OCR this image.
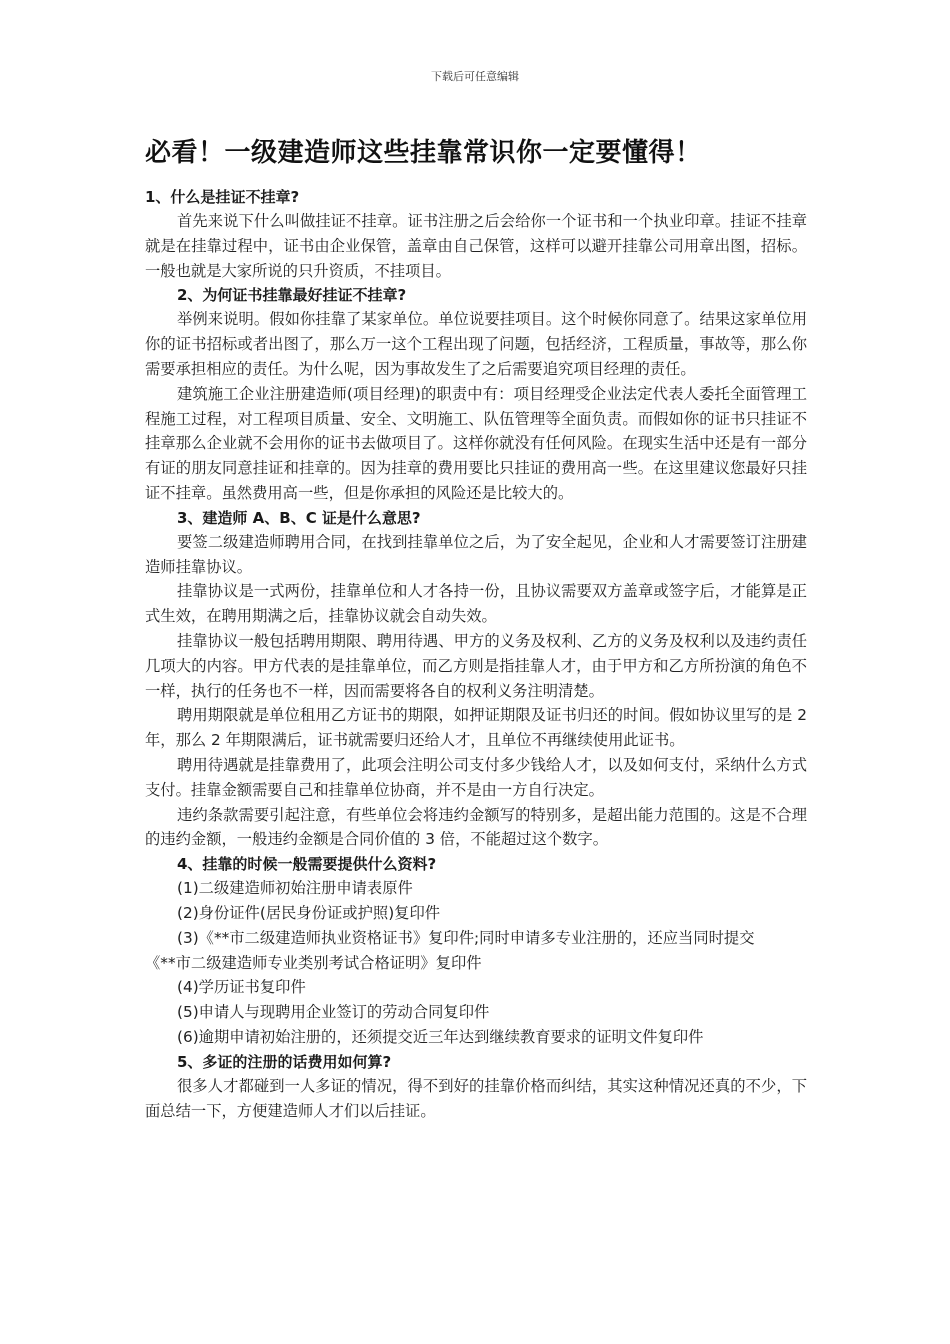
下载后可任意编辑
必看！一级建造师这些挂靠常识你一定要懂得！

1、什么是挂证不挂章?

首先来说下什么叫做挂证不挂章。证书注册之后会给你一个证书和一个执业印章。挂证不挂章就是在挂靠过程中，证书由企业保管，盖章由自己保管，这样可以避开挂靠公司用章出图，招标。一般也就是大家所说的只升资质，不挂项目。

2、为何证书挂靠最好挂证不挂章?

举例来说明。假如你挂靠了某家单位。单位说要挂项目。这个时候你同意了。结果这家单位用你的证书招标或者出图了，那么万一这个工程出现了问题，包括经济，工程质量，事故等，那么你需要承担相应的责任。为什么呢，因为事故发生了之后需要追究项目经理的责任。

建筑施工企业注册建造师(项目经理)的职责中有：项目经理受企业法定代表人委托全面管理工程施工过程，对工程项目质量、安全、文明施工、队伍管理等全面负责。而假如你的证书只挂证不挂章那么企业就不会用你的证书去做项目了。这样你就没有任何风险。在现实生活中还是有一部分有证的朋友同意挂证和挂章的。因为挂章的费用要比只挂证的费用高一些。在这里建议您最好只挂证不挂章。虽然费用高一些，但是你承担的风险还是比较大的。

3、建造师 A、B、C 证是什么意思?

要签二级建造师聘用合同，在找到挂靠单位之后，为了安全起见，企业和人才需要签订注册建造师挂靠协议。

挂靠协议是一式两份，挂靠单位和人才各持一份，且协议需要双方盖章或签字后，才能算是正式生效，在聘用期满之后，挂靠协议就会自动失效。

挂靠协议一般包括聘用期限、聘用待遇、甲方的义务及权利、乙方的义务及权利以及违约责任几项大的内容。甲方代表的是挂靠单位，而乙方则是指挂靠人才，由于甲方和乙方所扮演的角色不一样，执行的任务也不一样，因而需要将各自的权利义务注明清楚。

聘用期限就是单位租用乙方证书的期限，如押证期限及证书归还的时间。假如协议里写的是 2 年，那么 2 年期限满后，证书就需要归还给人才，且单位不再继续使用此证书。

聘用待遇就是挂靠费用了，此项会注明公司支付多少钱给人才，以及如何支付，采纳什么方式支付。挂靠金额需要自己和挂靠单位协商，并不是由一方自行决定。

违约条款需要引起注意，有些单位会将违约金额写的特别多，是超出能力范围的。这是不合理的违约金额，一般违约金额是合同价值的 3 倍，不能超过这个数字。

4、挂靠的时候一般需要提供什么资料?

(1)二级建造师初始注册申请表原件

(2)身份证件(居民身份证或护照)复印件

(3)《**市二级建造师执业资格证书》复印件;同时申请多专业注册的，还应当同时提交

《**市二级建造师专业类别考试合格证明》复印件

(4)学历证书复印件

(5)申请人与现聘用企业签订的劳动合同复印件

(6)逾期申请初始注册的，还须提交近三年达到继续教育要求的证明文件复印件

5、多证的注册的话费用如何算?

很多人才都碰到一人多证的情况，得不到好的挂靠价格而纠结，其实这种情况还真的不少，下面总结一下，方便建造师人才们以后挂证。
